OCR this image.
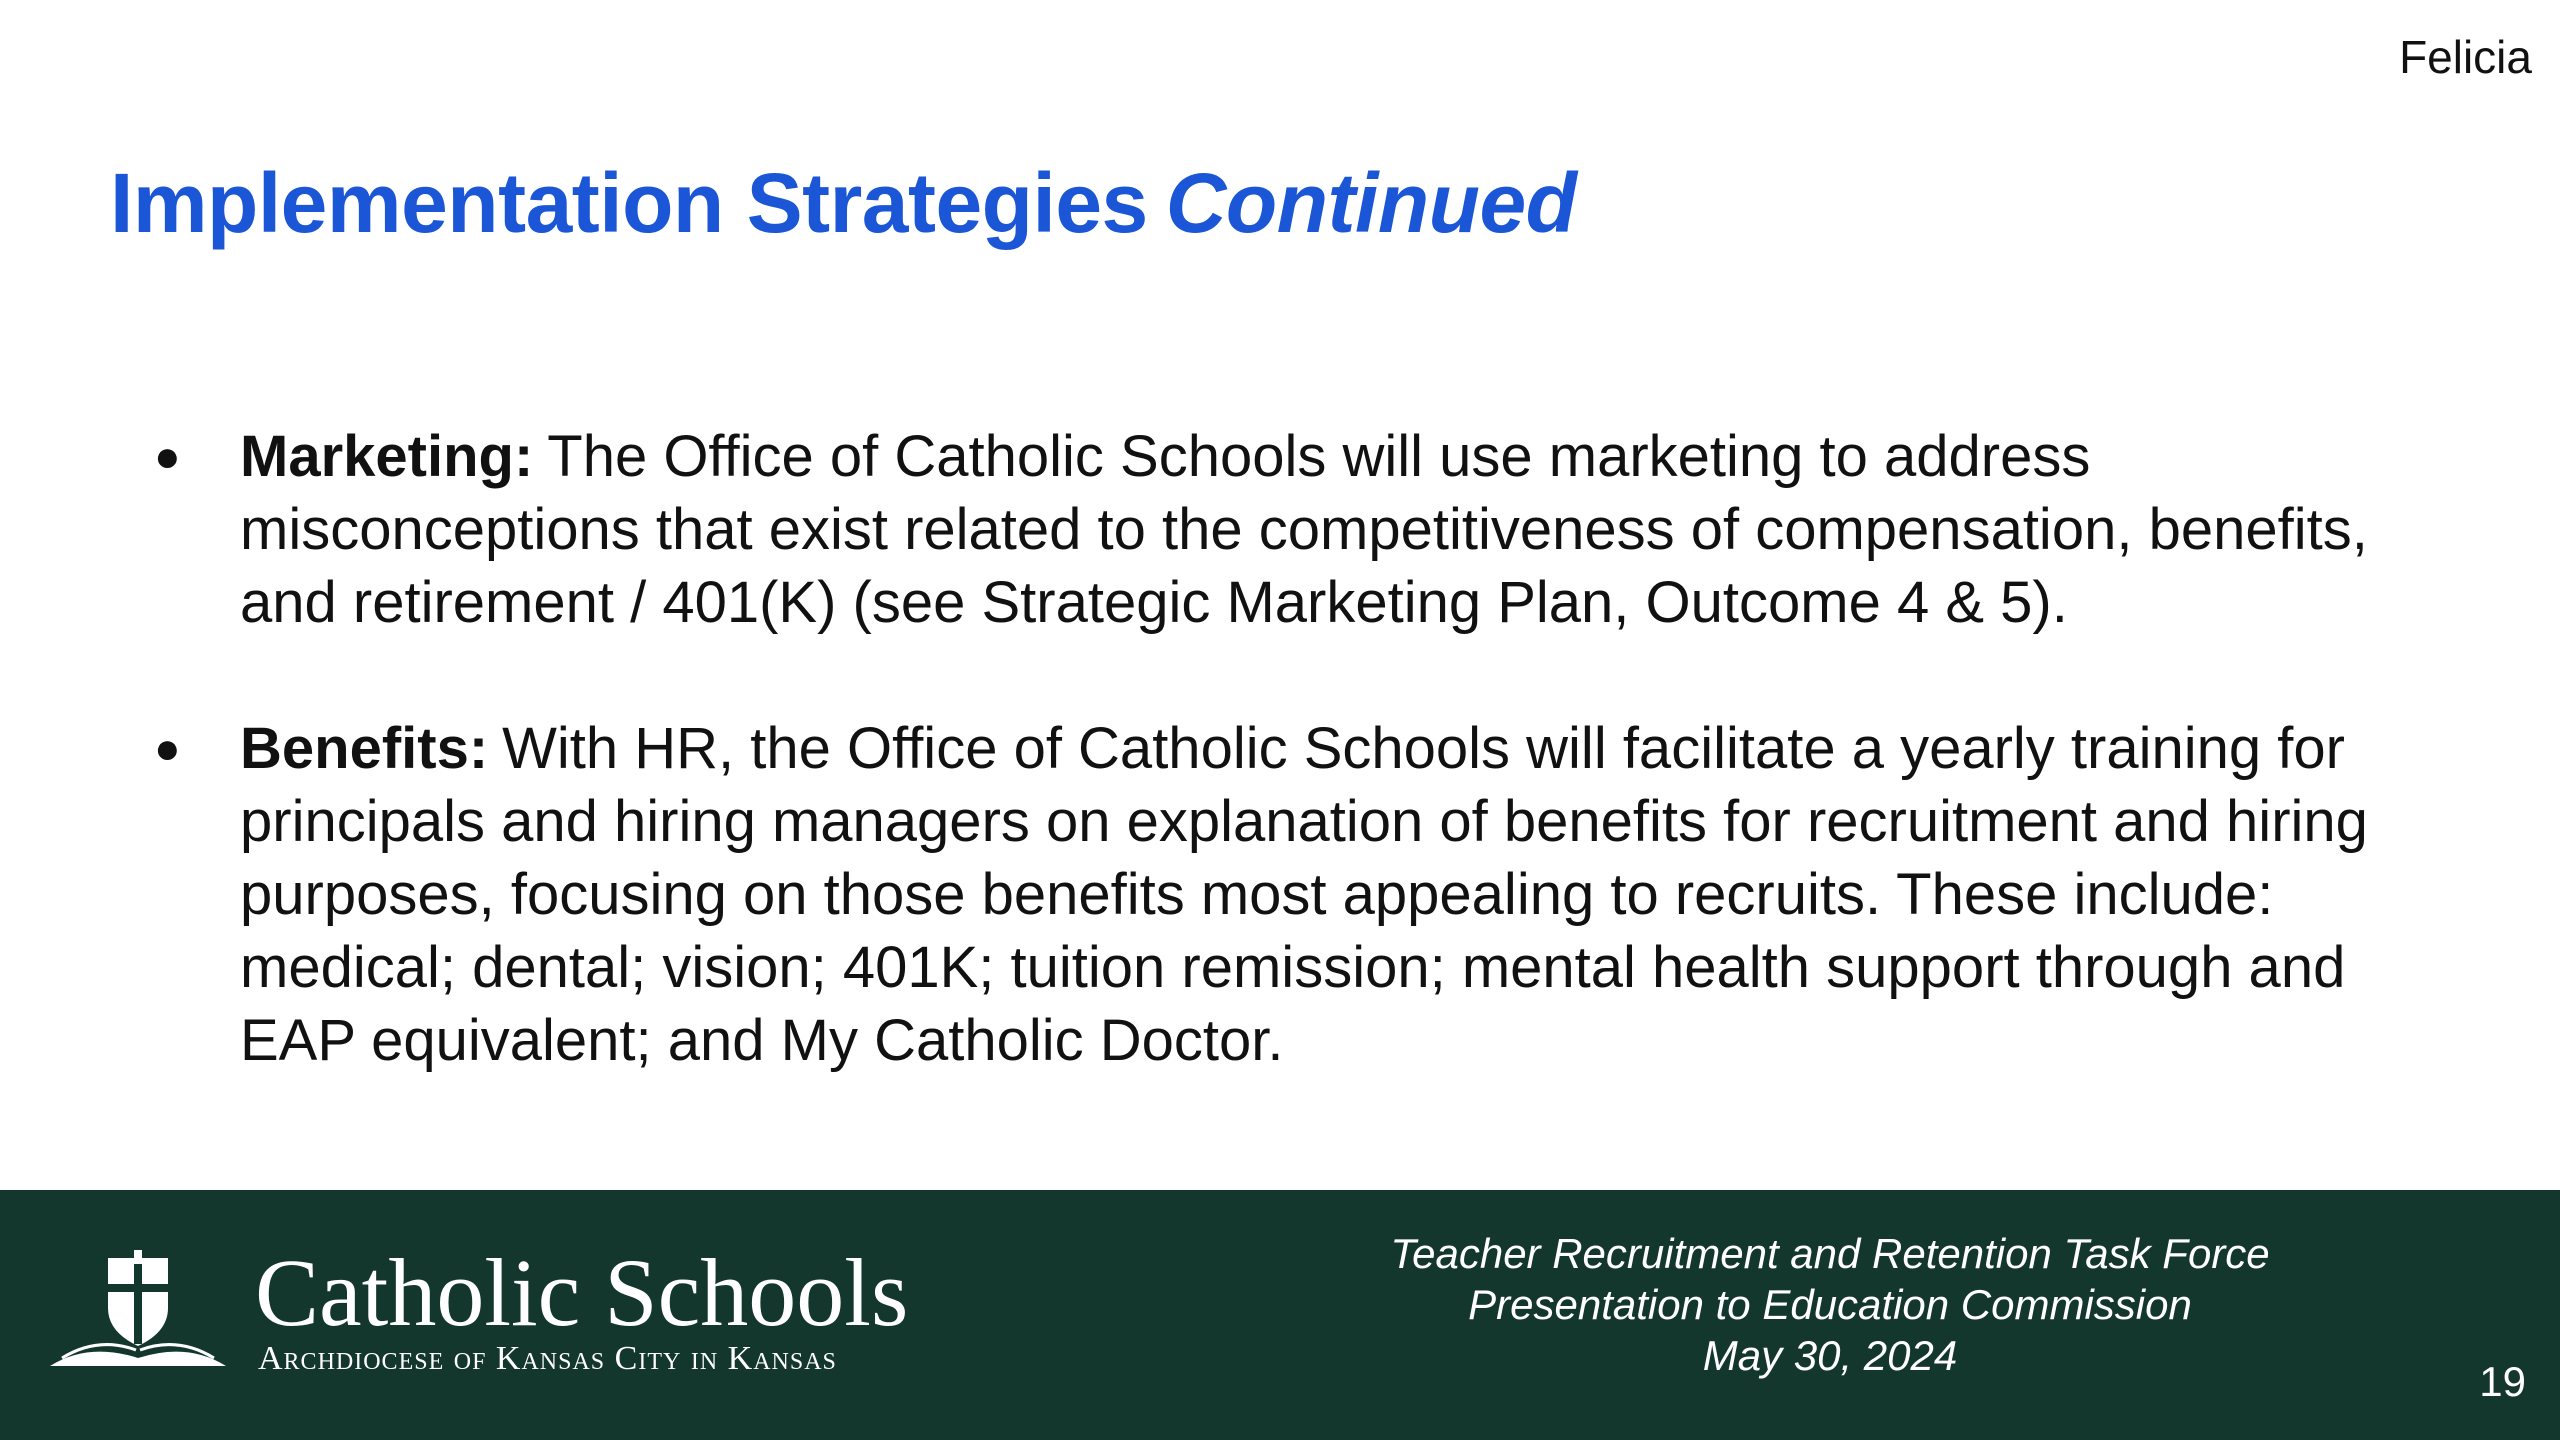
Felicia
Implementation Strategies Continued
● Marketing: The Office of Catholic Schools will use marketing to address misconceptions that exist related to the competitiveness of compensation, benefits, and retirement / 401(K) (see Strategic Marketing Plan, Outcome 4 & 5).
● Benefits: With HR, the Office of Catholic Schools will facilitate a yearly training for principals and hiring managers on explanation of benefits for recruitment and hiring purposes, focusing on those benefits most appealing to recruits. These include: medical; dental; vision; 401K; tuition remission; mental health support through and EAP equivalent; and My Catholic Doctor.
Catholic Schools
Archdiocese of Kansas City in Kansas
Teacher Recruitment and Retention Task Force
Presentation to Education Commission
May 30, 2024
19
